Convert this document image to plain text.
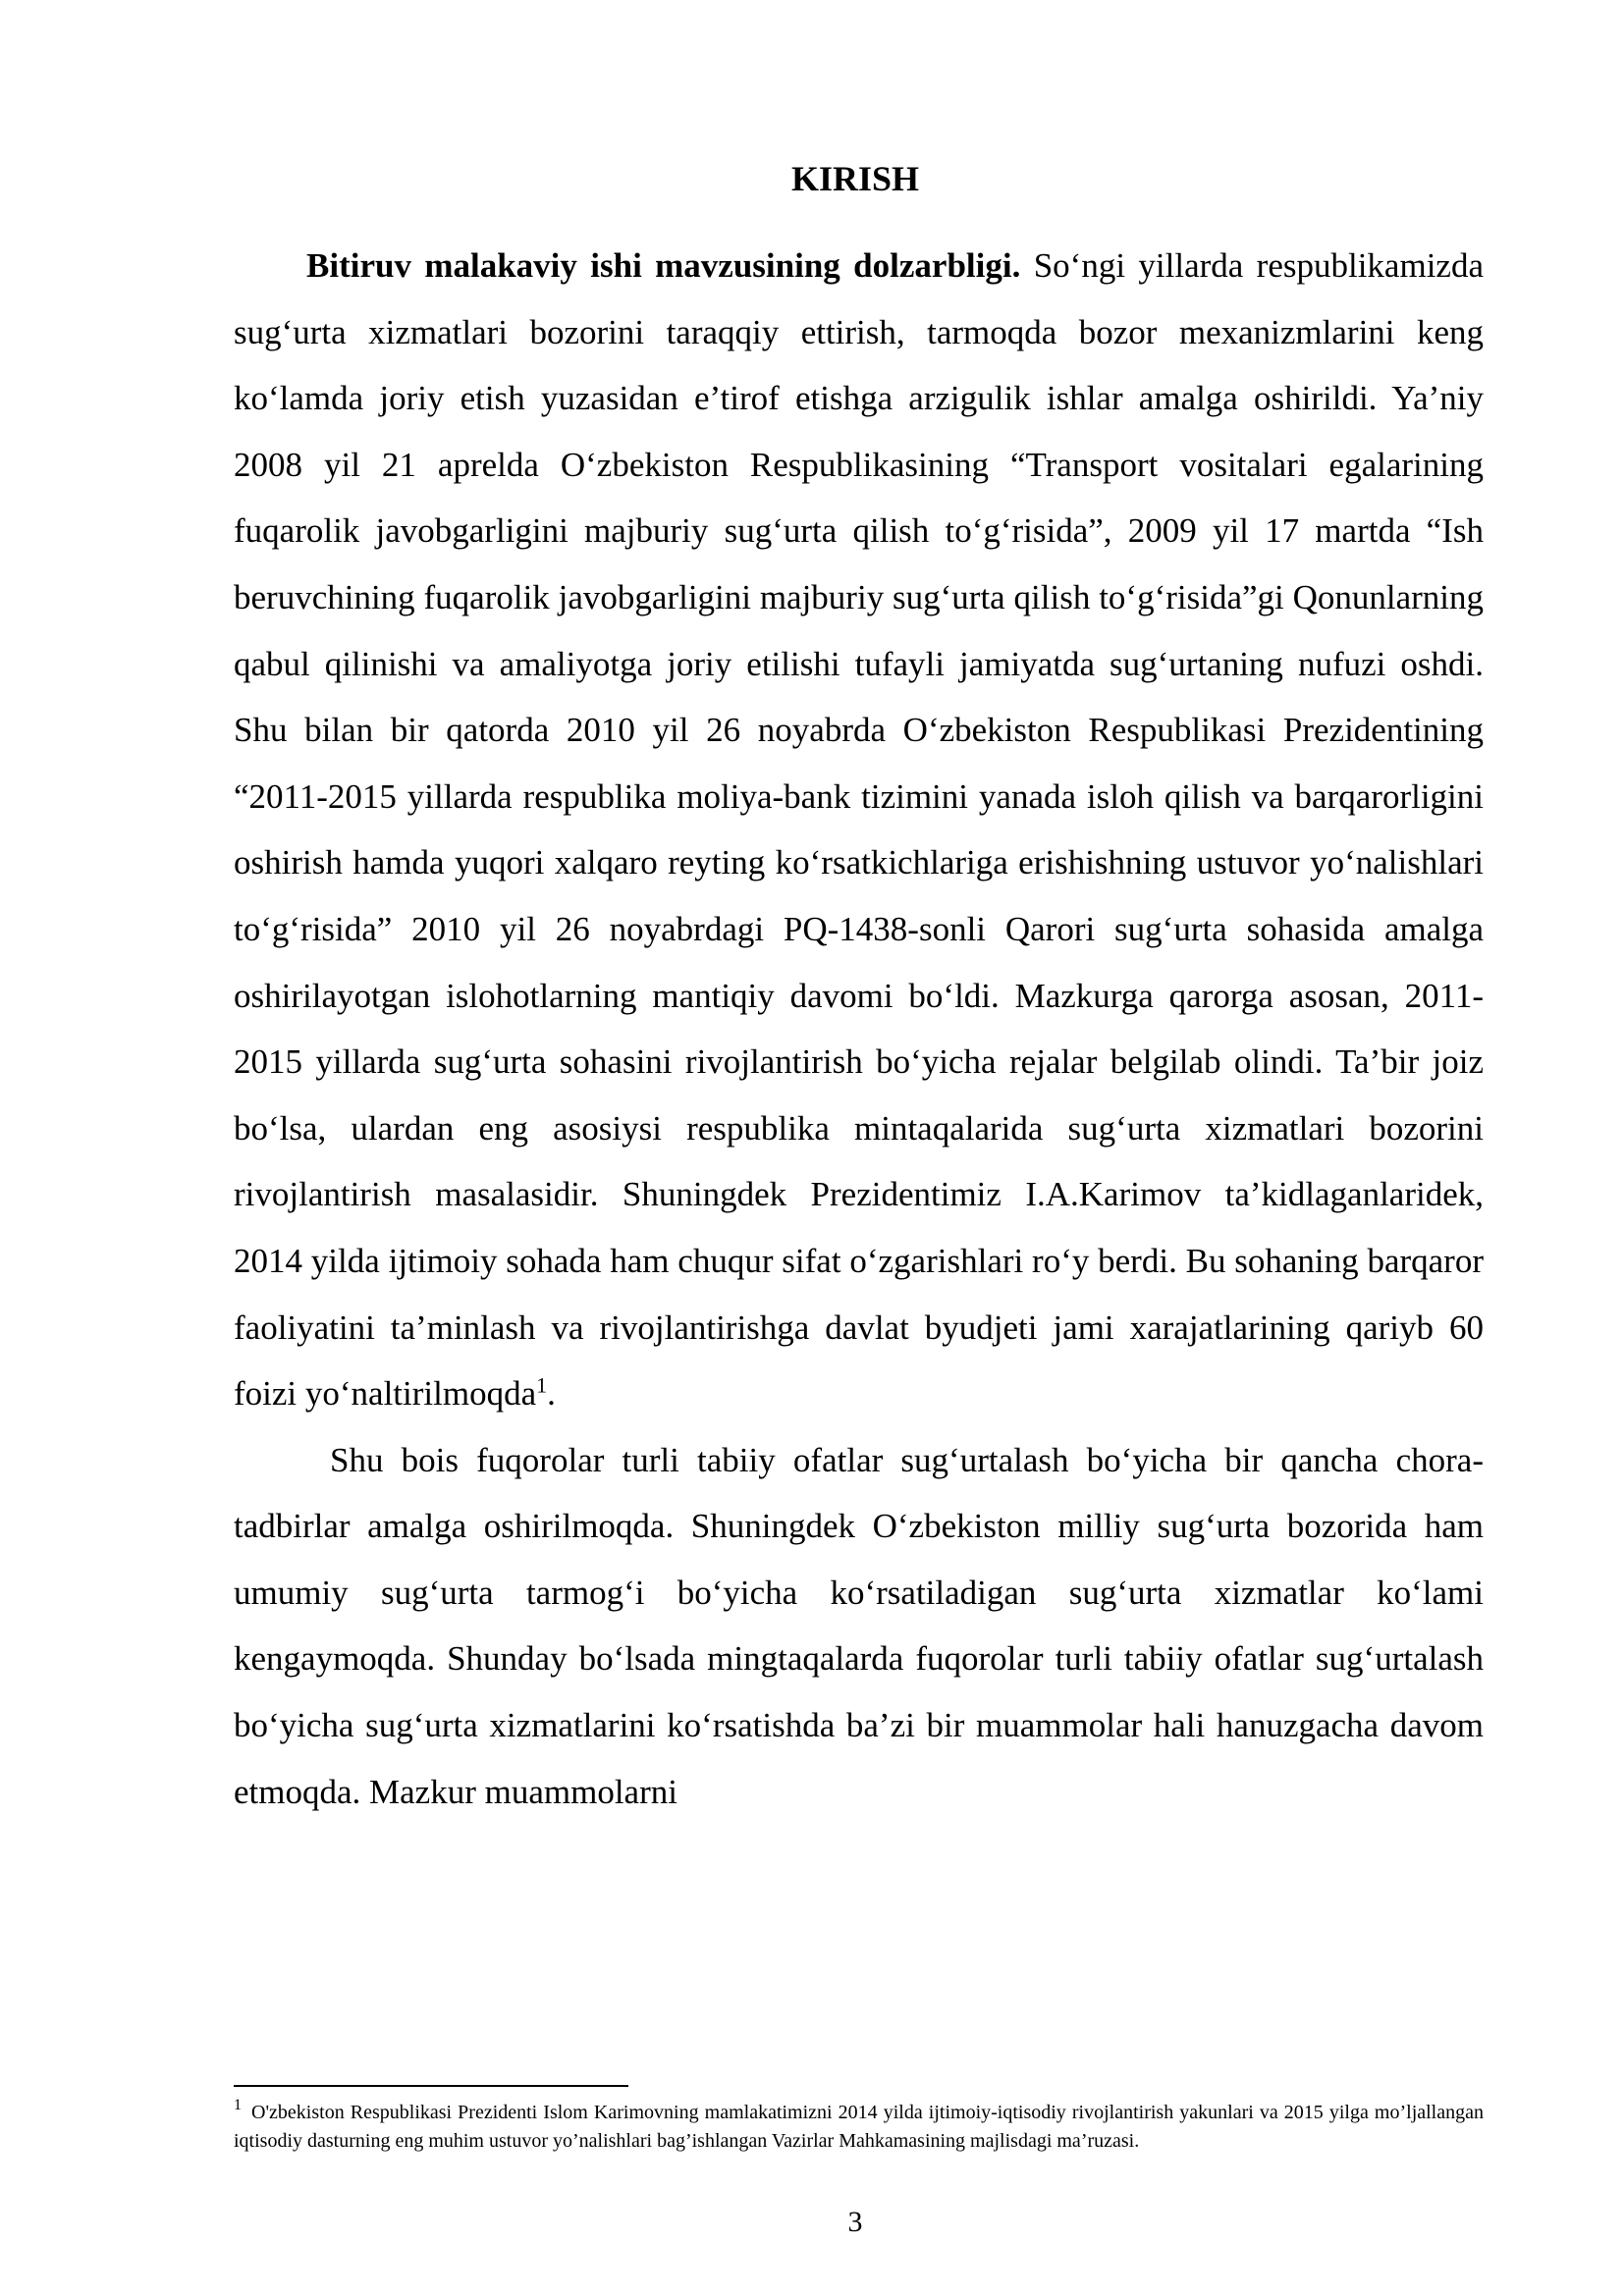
KIRISH

Bitiruv malakaviy ishi mavzusining dolzarbligi. So‘ngi yillarda respublikamizda sug‘urta xizmatlari bozorini taraqqiy ettirish, tarmoqda bozor mexanizmlarini keng ko‘lamda joriy etish yuzasidan e’tirof etishga arzigulik ishlar amalga oshirildi. Ya’niy 2008 yil 21 aprelda O‘zbekiston Respublikasining “Transport vositalari egalarining fuqarolik javobgarligini majburiy sug‘urta qilish to‘g‘risida”, 2009 yil 17 martda “Ish beruvchining fuqarolik javobgarligini majburiy sug‘urta qilish to‘g‘risida”gi Qonunlarning qabul qilinishi va amaliyotga joriy etilishi tufayli jamiyatda sug‘urtaning nufuzi oshdi. Shu bilan bir qatorda 2010 yil 26 noyabrda O‘zbekiston Respublikasi Prezidentining “2011-2015 yillarda respublika moliya-bank tizimini yanada isloh qilish va barqarorligini oshirish hamda yuqori xalqaro reyting ko‘rsatkichlariga erishishning ustuvor yo‘nalishlari to‘g‘risida” 2010 yil 26 noyabrdagi PQ-1438-sonli Qarori sug‘urta sohasida amalga oshirilayotgan islohotlarning mantiqiy davomi bo‘ldi. Mazkurga qarorga asosan, 2011-2015 yillarda sug‘urta sohasini rivojlantirish bo‘yicha rejalar belgilab olindi. Ta’bir joiz bo‘lsa, ulardan eng asosiysi respublika mintaqalarida sug‘urta xizmatlari bozorini rivojlantirish masalasidir. Shuningdek Prezidentimiz I.A.Karimov ta’kidlaganlaridek, 2014 yilda ijtimoiy sohada ham chuqur sifat o‘zgarishlari ro‘y berdi. Bu sohaning barqaror faoliyatini ta’minlash va rivojlantirishga davlat byudjeti jami xarajatlarining qariyb 60 foizi yo‘naltirilmoqda$^1$.

Shu bois fuqorolar turli tabiiy ofatlar sug‘urtalash bo‘yicha bir qancha chora-tadbirlar amalga oshirilmoqda. Shuningdek O‘zbekiston milliy sug‘urta bozorida ham umumiy sug‘urta tarmog‘i bo‘yicha ko‘rsatiladigan sug‘urta xizmatlar ko‘lami kengaymoqda. Shunday bo‘lsada mingtaqalarda fuqorolar turli tabiiy ofatlar sug‘urtalash bo‘yicha sug‘urta xizmatlarini ko‘rsatishda ba’zi bir muammolar hali hanuzgacha davom etmoqda. Mazkur muammolarni

$^1$ O'zbekiston Respublikasi Prezidenti Islom Karimovning mamlakatimizni 2014 yilda ijtimoiy-iqtisodiy rivojlantirish yakunlari va 2015 yilga mo’ljallangan iqtisodiy dasturning eng muhim ustuvor yo’nalishlari bag’ishlangan Vazirlar Mahkamasining majlisdagi ma’ruzasi.
3
